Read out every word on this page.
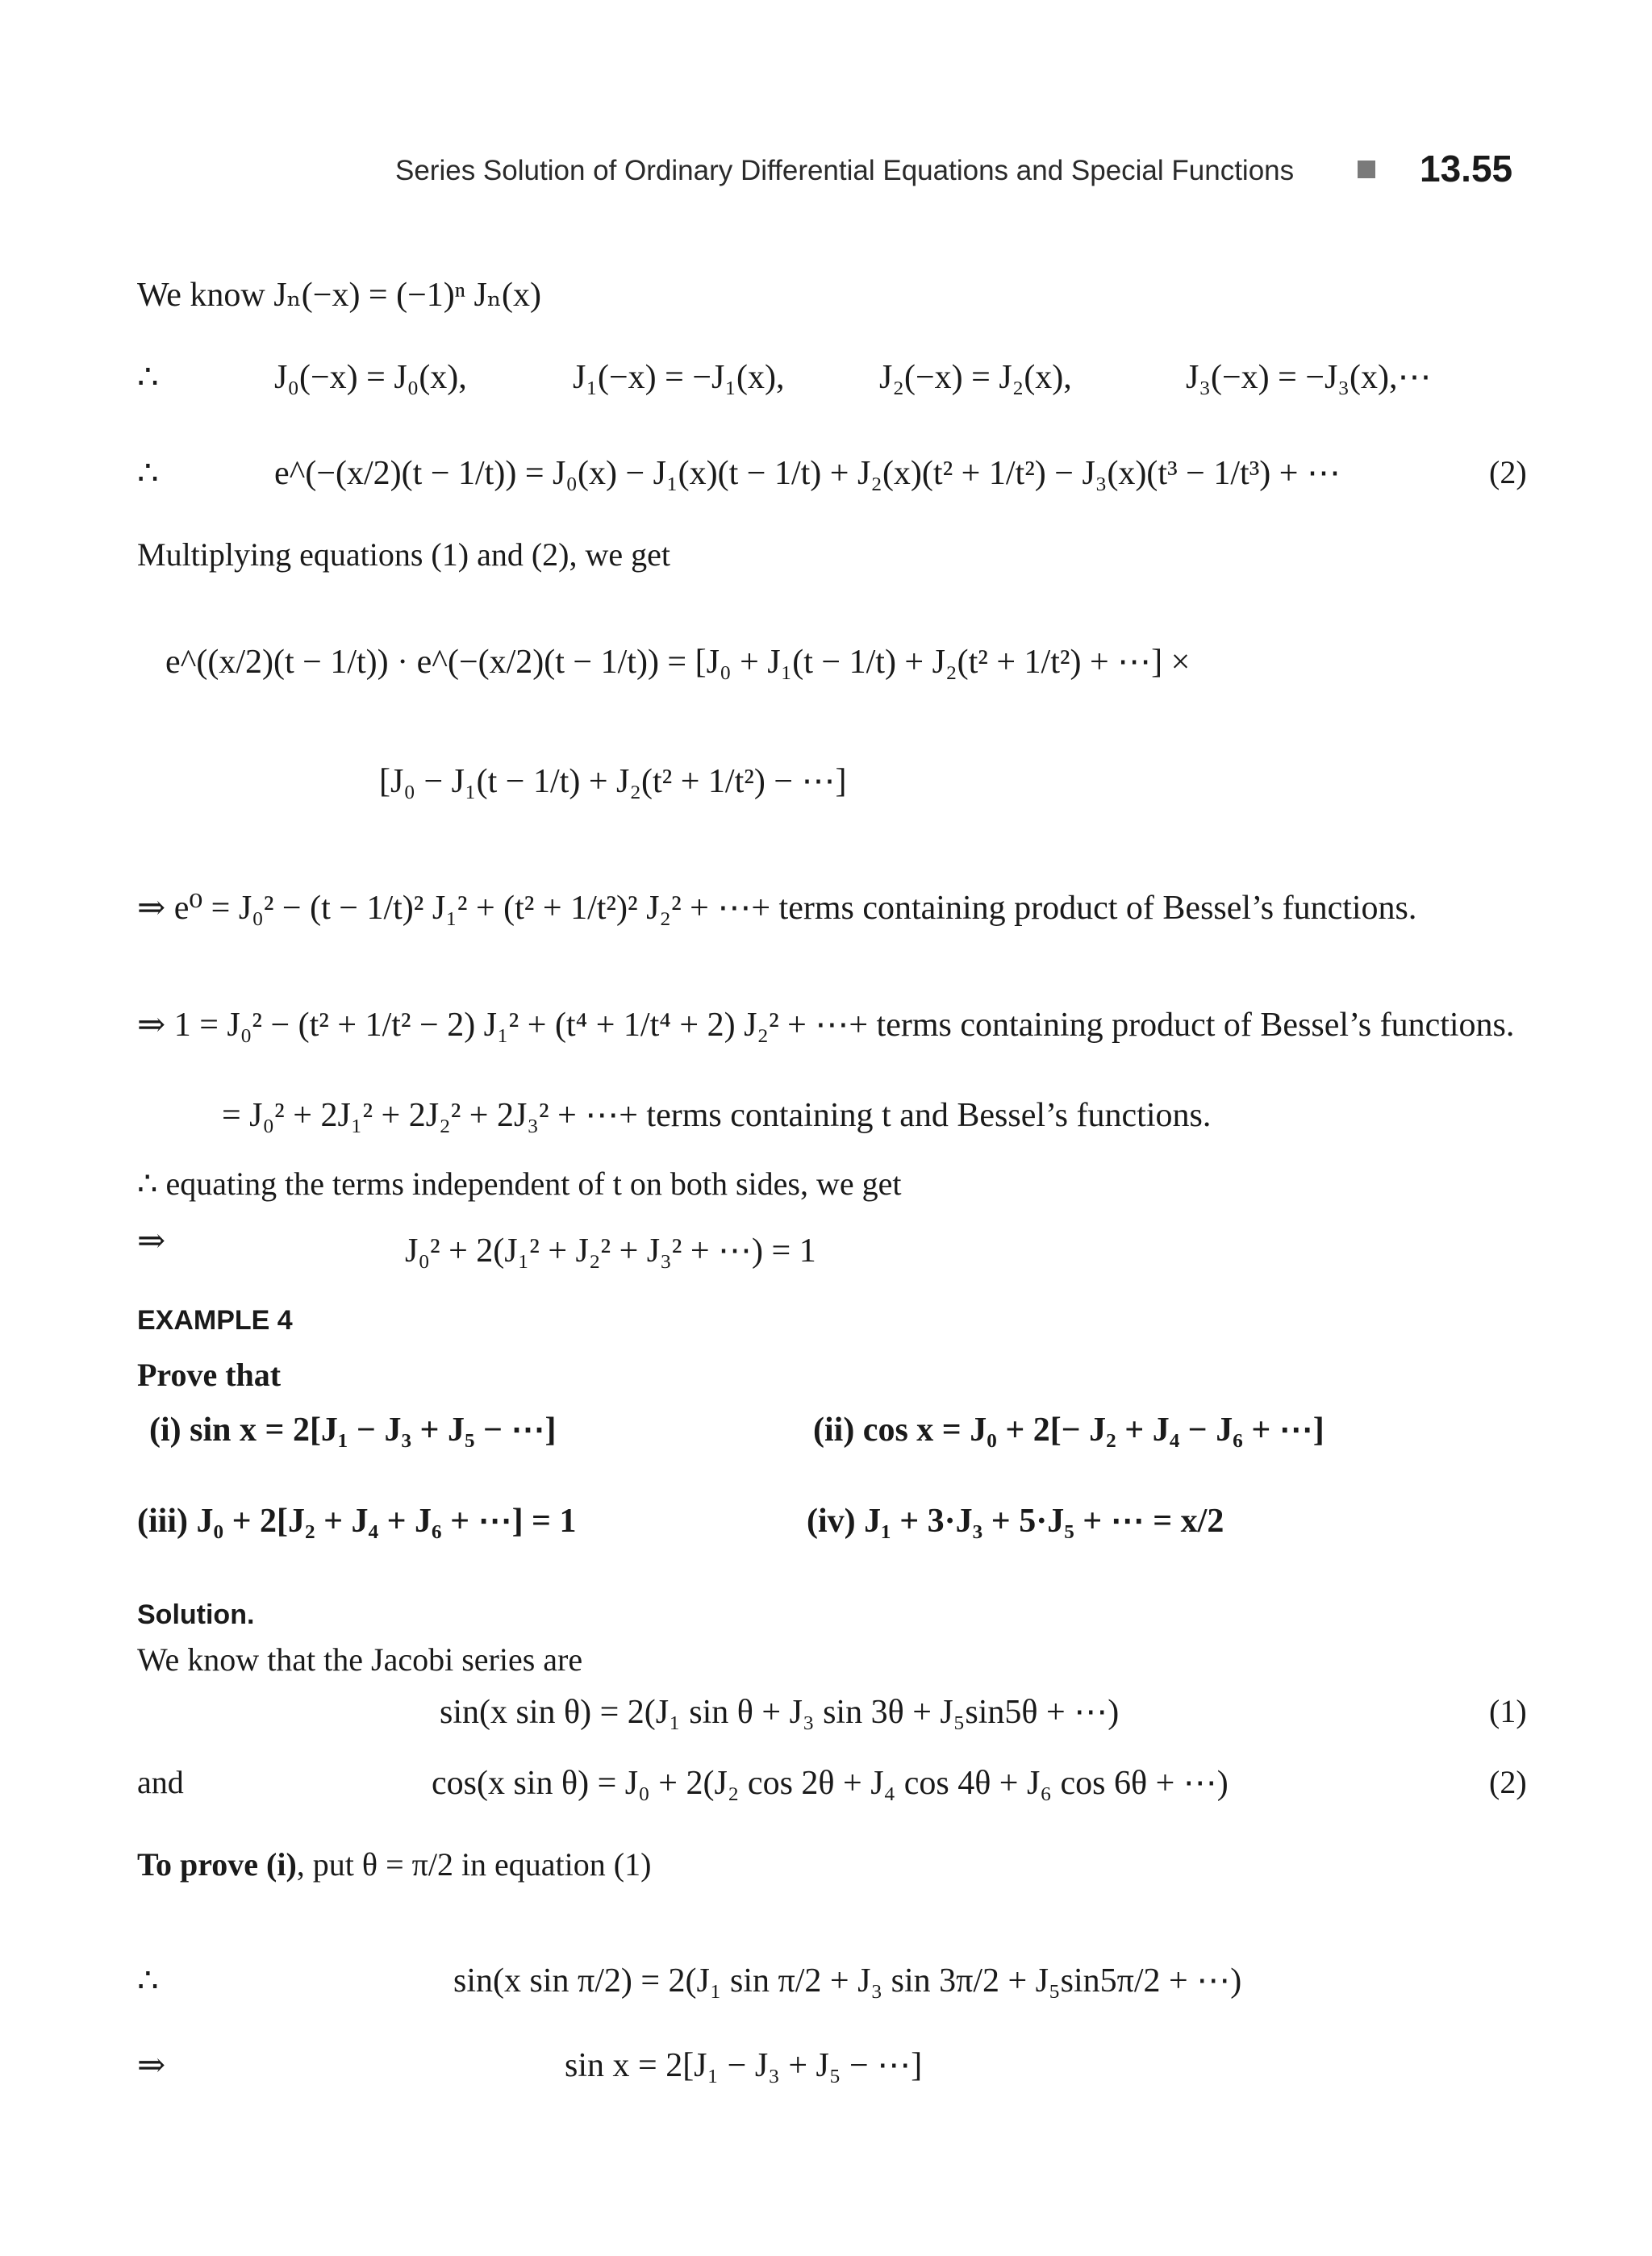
Series Solution of Ordinary Differential Equations and Special Functions	13.55
We know Jₙ(−x) = (−1)ⁿ Jₙ(x)
∴	J₀(−x) = J₀(x),	J₁(−x) = −J₁(x),	J₂(−x) = J₂(x),	J₃(−x) = −J₃(x),⋯
∴	e^(−(x/2)(t − 1/t)) = J₀(x) − J₁(x)(t − 1/t) + J₂(x)(t² + 1/t²) − J₃(x)(t³ − 1/t³) + ⋯	(2)
Multiplying equations (1) and (2), we get
e^((x/2)(t − 1/t)) · e^(−(x/2)(t − 1/t)) = [J₀ + J₁(t − 1/t) + J₂(t² + 1/t²) + ⋯] ×
[J₀ − J₁(t − 1/t) + J₂(t² + 1/t²) − ⋯]
⇒ e⁰ = J₀² − (t − 1/t)² J₁² + (t² + 1/t²)² J₂² + ⋯+ terms containing product of Bessel’s functions.
⇒ 1 = J₀² − (t² + 1/t² − 2) J₁² + (t⁴ + 1/t⁴ + 2) J₂² + ⋯+ terms containing product of Bessel’s functions.
= J₀² + 2J₁² + 2J₂² + 2J₃² + ⋯+ terms containing t and Bessel’s functions.
∴ equating the terms independent of t on both sides, we get
⇒	J₀² + 2(J₁² + J₂² + J₃² + ⋯) = 1
EXAMPLE 4
Prove that
(i) sin x = 2[J₁ − J₃ + J₅ − ⋯]	(ii) cos x = J₀ + 2[− J₂ + J₄ − J₆ + ⋯]
(iii) J₀ + 2[J₂ + J₄ + J₆ + ⋯] = 1	(iv) J₁ + 3·J₃ + 5·J₅ + ⋯ = x/2
Solution.
We know that the Jacobi series are
sin(x sin θ) = 2(J₁ sin θ + J₃ sin 3θ + J₅sin5θ + ⋯)	(1)
and	cos(x sin θ) = J₀ + 2(J₂ cos 2θ + J₄ cos 4θ + J₆ cos 6θ + ⋯)	(2)
To prove (i), put θ = π/2 in equation (1)
∴	sin(x sin π/2) = 2(J₁ sin π/2 + J₃ sin 3π/2 + J₅sin5π/2 + ⋯)
⇒	sin x = 2[J₁ − J₃ + J₅ − ⋯]
